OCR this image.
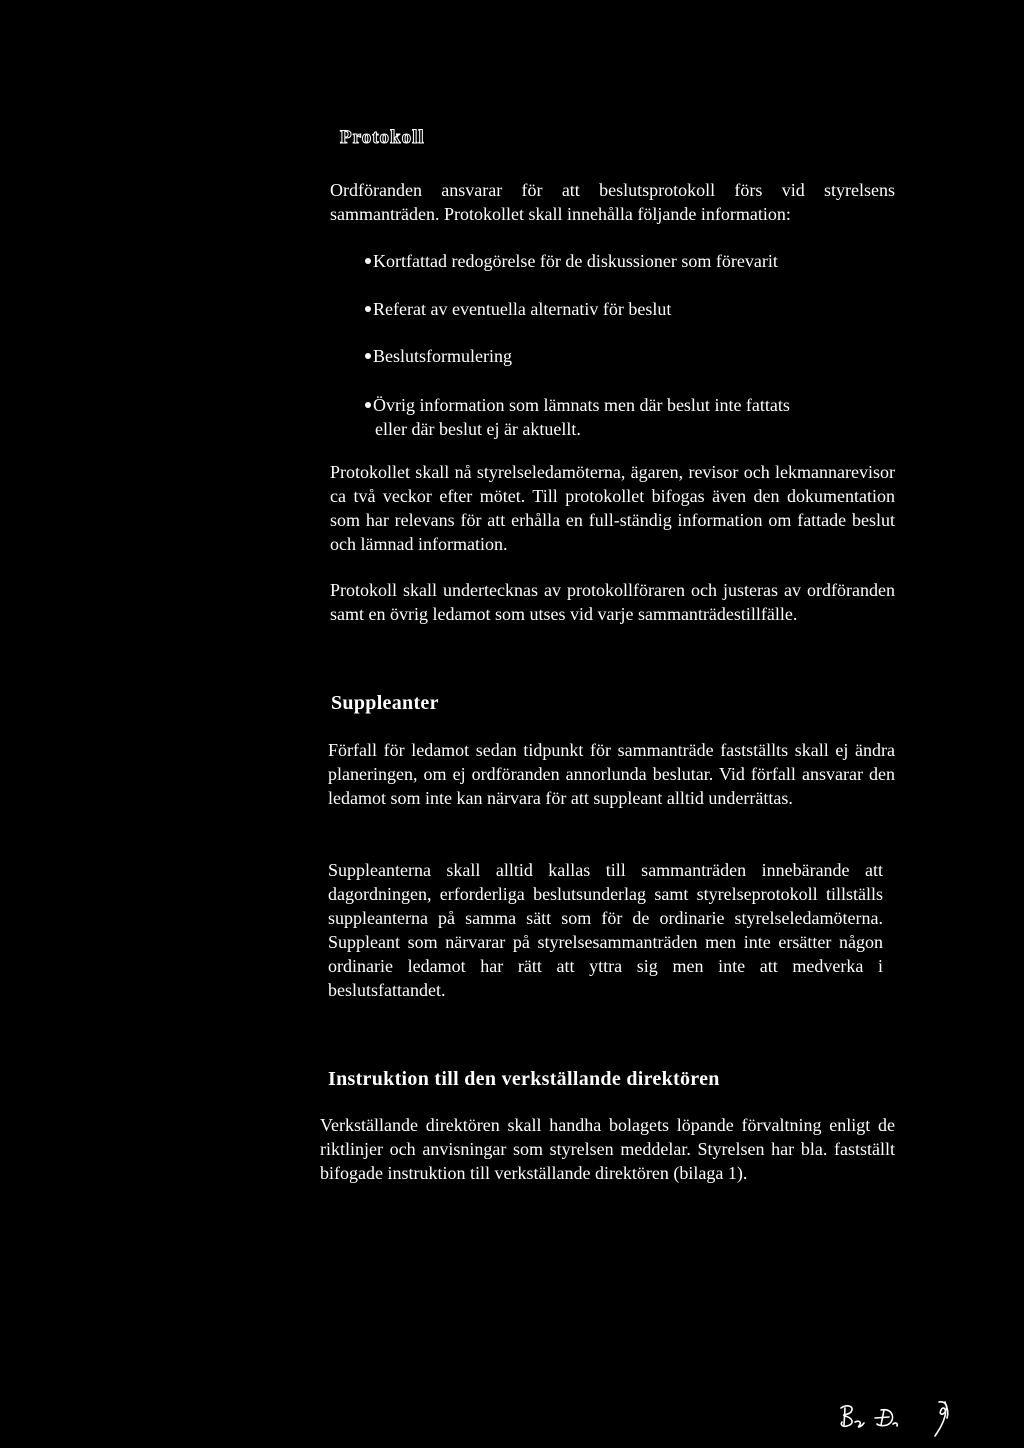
Protokoll

Ordföranden ansvarar för att beslutsprotokoll förs vid styrelsens sammanträden. Protokollet skall innehålla följande information:

Kortfattad redogörelse för de diskussioner som förevarit
Referat av eventuella alternativ för beslut
Beslutsformulering
Övrig information som lämnats men där beslut inte fattats
eller där beslut ej är aktuellt.

Protokollet skall nå styrelseledamöterna, ägaren, revisor och lekmannarevisor ca två veckor efter mötet. Till protokollet bifogas även den dokumentation som har relevans för att erhålla en full-ständig information om fattade beslut och lämnad information.

Protokoll skall undertecknas av protokollföraren och justeras av ordföranden samt en övrig ledamot som utses vid varje sammanträdestillfälle.

Suppleanter

Förfall för ledamot sedan tidpunkt för sammanträde fastställts skall ej ändra planeringen, om ej ordföranden annorlunda beslutar. Vid förfall ansvarar den ledamot som inte kan närvara för att suppleant alltid underrättas.

Suppleanterna skall alltid kallas till sammanträden innebärande att dagordningen, erforderliga beslutsunderlag samt styrelseprotokoll tillställs suppleanterna på samma sätt som för de ordinarie styrelseledamöterna. Suppleant som närvarar på styrelsesammanträden men inte ersätter någon ordinarie ledamot har rätt att yttra sig men inte att medverka i beslutsfattandet.

Instruktion till den verkställande direktören

Verkställande direktören skall handha bolagets löpande förvaltning enligt de riktlinjer och anvisningar som styrelsen meddelar. Styrelsen har bla. fastställt bifogade instruktion till verkställande direktören (bilaga 1).
